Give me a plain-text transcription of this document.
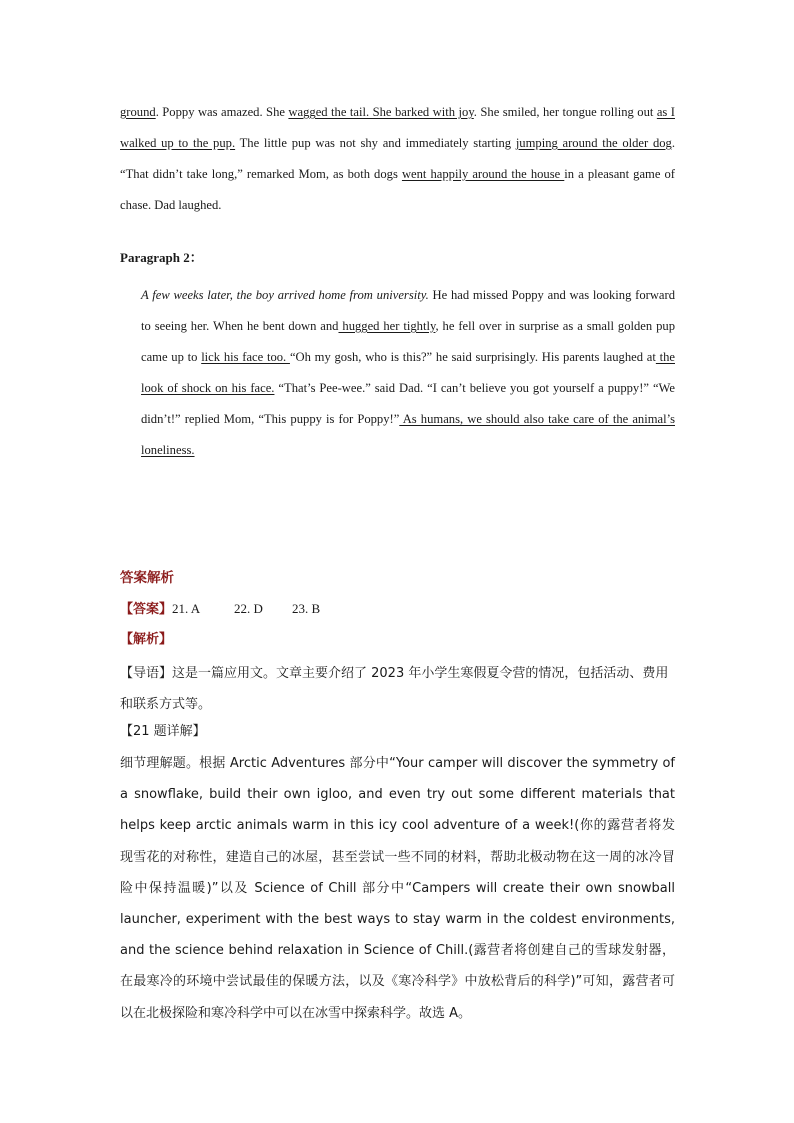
ground. Poppy was amazed. She wagged the tail. She barked with joy. She smiled, her tongue rolling out as I walked up to the pup. The little pup was not shy and immediately starting jumping around the older dog. “That didn’t take long,” remarked Mom, as both dogs went happily around the house in a pleasant game of chase. Dad laughed.
Paragraph 2：
A few weeks later, the boy arrived home from university. He had missed Poppy and was looking forward to seeing her. When he bent down and hugged her tightly, he fell over in surprise as a small golden pup came up to lick his face too. “Oh my gosh, who is this?” he said surprisingly. His parents laughed at the look of shock on his face. “That’s Pee-wee.” said Dad. “I can’t believe you got yourself a puppy!” “We didn’t!” replied Mom, “This puppy is for Poppy!” As humans, we should also take care of the animal’s loneliness.
答案解析
【答案】21. A	22. D 23. B
【解析】
【导语】这是一篇应用文。文章主要介绍了 2023 年小学生寒假夏令营的情况，包括活动、费用和联系方式等。
【21 题详解】
细节理解题。根据 Arctic Adventures 部分中“Your camper will discover the symmetry of a snowflake, build their own igloo, and even try out some different materials that helps keep arctic animals warm in this icy cool adventure of a week!(你的露营者将发现雪花的对称性，建造自己的冰屋，甚至尝试一些不同的材料，帮助北极动物在这一周的冰冷冒险中保持温暖)”以及 Science of Chill 部分中“Campers will create their own snowball launcher, experiment with the best ways to stay warm in the coldest environments, and the science behind relaxation in Science of Chill.(露营者将创建自己的雪球发射器，在最寒冷的环境中尝试最佳的保暖方法，以及《寒冷科学》中放松背后的科学)”可知，露营者可以在北极探险和寒冷科学中可以在冰雪中探索科学。故选 A。
